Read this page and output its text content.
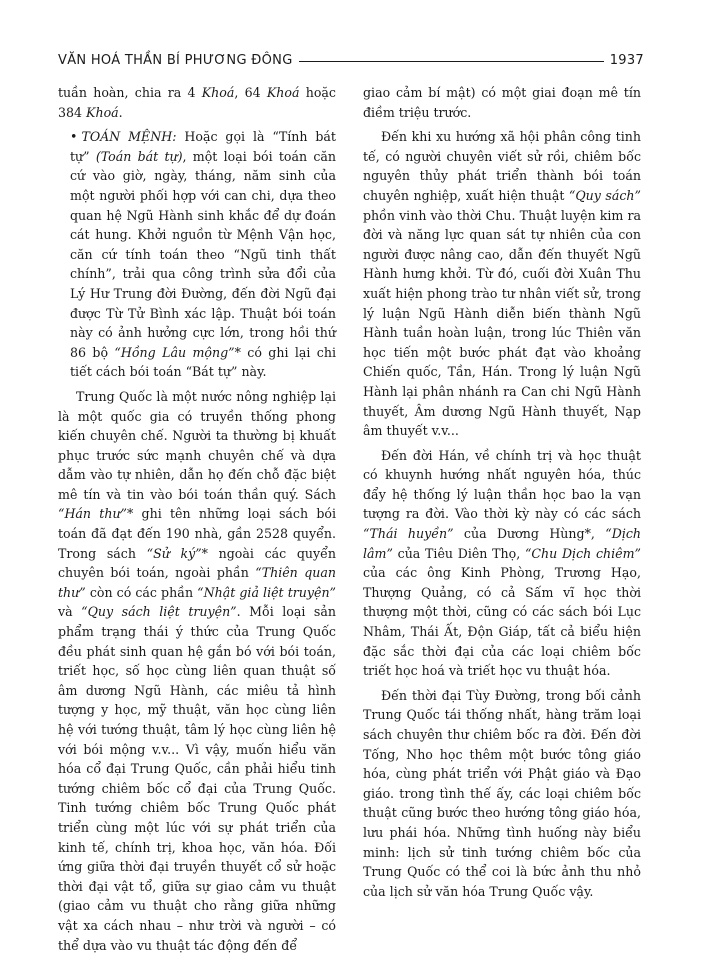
VĂN HOÁ THẦN BÍ PHƯƠNG ĐÔNG	1937

tuần hoàn, chia ra 4 Khoá, 64 Khoá hoặc 384 Khoá.

• TOÁN MỆNH: Hoặc gọi là “Tính bát tự” (Toán bát tự), một loại bói toán căn cứ vào giờ, ngày, tháng, năm sinh của một người phối hợp với can chi, dựa theo quan hệ Ngũ Hành sinh khắc để dự đoán cát hung. Khởi nguồn từ Mệnh Vận học, căn cứ tính toán theo “Ngũ tinh thất chính”, trải qua công trình sửa đổi của Lý Hư Trung đời Đường, đến đời Ngũ đại được Từ Tử Bình xác lập. Thuật bói toán này có ảnh hưởng cực lớn, trong hồi thứ 86 bộ “Hồng Lâu mộng”* có ghi lại chi tiết cách bói toán “Bát tự” này.

Trung Quốc là một nước nông nghiệp lại là một quốc gia có truyền thống phong kiến chuyên chế. Người ta thường bị khuất phục trước sức mạnh chuyên chế và dựa dẫm vào tự nhiên, dẫn họ đến chỗ đặc biệt mê tín và tin vào bói toán thần quý. Sách “Hán thư”* ghi tên những loại sách bói toán đã đạt đến 190 nhà, gần 2528 quyển. Trong sách “Sử ký”* ngoài các quyển chuyên bói toán, ngoài phần “Thiên quan thư” còn có các phần “Nhật giả liệt truyện” và “Quy sách liệt truyện”. Mỗi loại sản phẩm trạng thái ý thức của Trung Quốc đều phát sinh quan hệ gắn bó với bói toán, triết học, số học cùng liên quan thuật số âm dương Ngũ Hành, các miêu tả hình tượng y học, mỹ thuật, văn học cùng liên hệ với tướng thuật, tâm lý học cùng liên hệ với bói mộng v.v... Vì vậy, muốn hiểu văn hóa cổ đại Trung Quốc, cần phải hiểu tinh tướng chiêm bốc cổ đại của Trung Quốc. Tinh tướng chiêm bốc Trung Quốc phát triển cùng một lúc với sự phát triển của kinh tế, chính trị, khoa học, văn hóa. Đối ứng giữa thời đại truyền thuyết cổ sử hoặc thời đại vật tổ, giữa sự giao cảm vu thuật (giao cảm vu thuật cho rằng giữa những vật xa cách nhau – như trời và người – có thể dựa vào vu thuật tác động đến để

giao cảm bí mật) có một giai đoạn mê tín điềm triệu trước.

Đến khi xu hướng xã hội phân công tinh tế, có người chuyên viết sử rồi, chiêm bốc nguyên thủy phát triển thành bói toán chuyên nghiệp, xuất hiện thuật “Quy sách” phồn vinh vào thời Chu. Thuật luyện kim ra đời và năng lực quan sát tự nhiên của con người được nâng cao, dẫn đến thuyết Ngũ Hành hưng khởi. Từ đó, cuối đời Xuân Thu xuất hiện phong trào tư nhân viết sử, trong lý luận Ngũ Hành diễn biến thành Ngũ Hành tuần hoàn luận, trong lúc Thiên văn học tiến một bước phát đạt vào khoảng Chiến quốc, Tần, Hán. Trong lý luận Ngũ Hành lại phân nhánh ra Can chi Ngũ Hành thuyết, Âm dương Ngũ Hành thuyết, Nạp âm thuyết v.v...

Đến đời Hán, về chính trị và học thuật có khuynh hướng nhất nguyên hóa, thúc đẩy hệ thống lý luận thần học bao la vạn tượng ra đời. Vào thời kỳ này có các sách “Thái huyền” của Dương Hùng*, “Dịch lâm” của Tiêu Diên Thọ, “Chu Dịch chiêm” của các ông Kinh Phòng, Trương Hạo, Thượng Quảng, có cả Sấm vĩ học thời thượng một thời, cũng có các sách bói Lục Nhâm, Thái Ất, Độn Giáp, tất cả biểu hiện đặc sắc thời đại của các loại chiêm bốc triết học hoá và triết học vu thuật hóa.

Đến thời đại Tùy Đường, trong bối cảnh Trung Quốc tái thống nhất, hàng trăm loại sách chuyên thư chiêm bốc ra đời. Đến đời Tống, Nho học thêm một bước tông giáo hóa, cùng phát triển với Phật giáo và Đạo giáo. trong tình thế ấy, các loại chiêm bốc thuật cũng bước theo hướng tông giáo hóa, lưu phái hóa. Những tình huống này biểu minh: lịch sử tinh tướng chiêm bốc của Trung Quốc có thể coi là bức ảnh thu nhỏ của lịch sử văn hóa Trung Quốc vậy.
